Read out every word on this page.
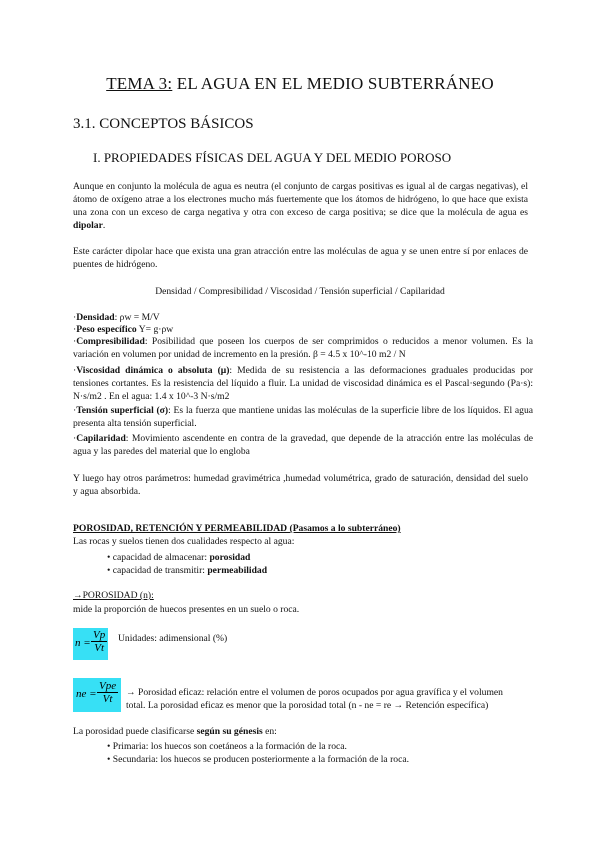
TEMA 3: EL AGUA EN EL MEDIO SUBTERRÁNEO
3.1. CONCEPTOS BÁSICOS
I. PROPIEDADES FÍSICAS DEL AGUA Y DEL MEDIO POROSO
Aunque en conjunto la molécula de agua es neutra (el conjunto de cargas positivas es igual al de cargas negativas), el átomo de oxígeno atrae a los electrones mucho más fuertemente que los átomos de hidrógeno, lo que hace que exista una zona con un exceso de carga negativa y otra con exceso de carga positiva; se dice que la molécula de agua es dipolar.
Este carácter dipolar hace que exista una gran atracción entre las moléculas de agua y se unen entre sí por enlaces de puentes de hidrógeno.
Densidad / Compresibilidad / Viscosidad / Tensión superficial / Capilaridad
·Densidad: ρw = M/V
·Peso específico Y= g·ρw
·Compresibilidad: Posibilidad que poseen los cuerpos de ser comprimidos o reducidos a menor volumen. Es la variación en volumen por unidad de incremento en la presión. β = 4.5 x 10^-10 m2 / N
·Viscosidad dinámica o absoluta (μ): Medida de su resistencia a las deformaciones graduales producidas por tensiones cortantes. Es la resistencia del líquido a fluir. La unidad de viscosidad dinámica es el Pascal·segundo (Pa·s): N·s/m2 . En el agua: 1.4 x 10^-3 N·s/m2
·Tensión superficial (σ): Es la fuerza que mantiene unidas las moléculas de la superficie libre de los líquidos. El agua presenta alta tensión superficial.
·Capilaridad: Movimiento ascendente en contra de la gravedad, que depende de la atracción entre las moléculas de agua y las paredes del material que lo engloba
Y luego hay otros parámetros: humedad gravimétrica ,humedad volumétrica, grado de saturación, densidad del suelo y agua absorbida.
POROSIDAD, RETENCIÓN Y PERMEABILIDAD (Pasamos a lo subterráneo)
Las rocas y suelos tienen dos cualidades respecto al agua:
• capacidad de almacenar: porosidad
• capacidad de transmitir: permeabilidad
→POROSIDAD (n):
mide la proporción de huecos presentes en un suelo o roca.
$n = \frac{Vp}{Vt}$ Unidades: adimensional (%)
ne =
Vpe
Vt
→ Porosidad eficaz: relación entre el volumen de poros ocupados por agua gravífica y el volumen
total. La porosidad eficaz es menor que la porosidad total (n - ne = re → Retención específica)
La porosidad puede clasificarse según su génesis en:
• Primaria: los huecos son coetáneos a la formación de la roca.
• Secundaria: los huecos se producen posteriormente a la formación de la roca.
